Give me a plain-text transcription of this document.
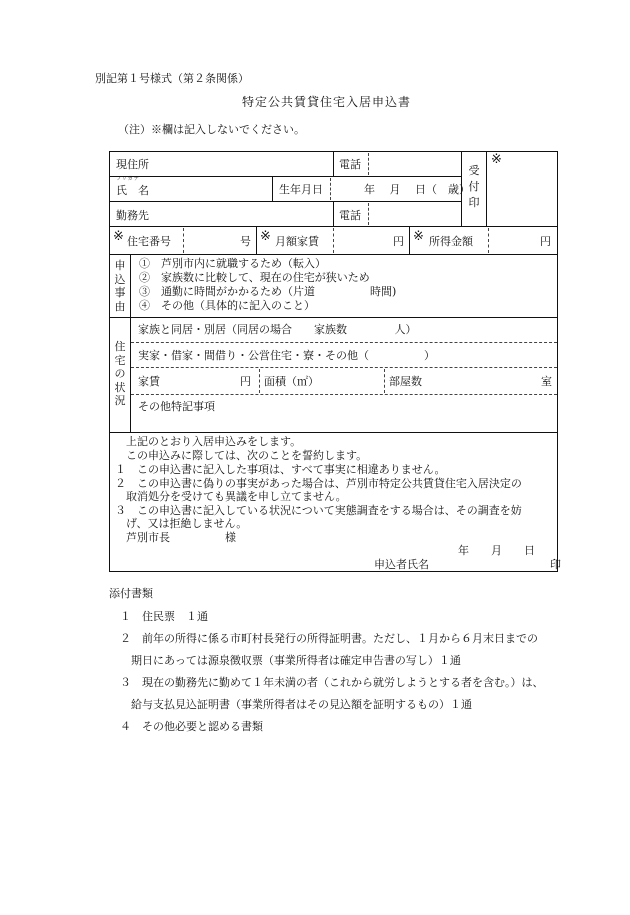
別記第１号様式（第２条関係）
特定公共賃貸住宅入居申込書
（注）※欄は記入しないでください。
現住所	電話
フリガナ
氏　名	生年月日	年　 月 　日（　歳）
勤務先	電話
受付印
※
※ 住宅番号	号 ※ 月額家賃	円 ※ 所得金額	円
申込事由
①　芦別市内に就職するため（転入）
②　家族数に比較して、現在の住宅が狭いため
③　通勤に時間がかかるため（片道　　　　　時間)
④　その他（具体的に記入のこと）
住宅の状況
家族と同居・別居（同居の場合　　家族数　　　　 人）
実家・借家・間借り・公営住宅・寮・その他（　　　　　）
家賃	円 面積（㎡）	部屋数	室
その他特記事項
　上記のとおり入居申込みをします。
　この申込みに際しては、次のことを誓約します。
１　この申込書に記入した事項は、すべて事実に相違ありません。
２　この申込書に偽りの事実があった場合は、芦別市特定公共賃貸住宅入居決定の
　取消処分を受けても異議を申し立てません。
３　この申込書に記入している状況について実態調査をする場合は、その調査を妨
　げ、又は拒絶しません。
　芦別市長　　　　　様
年　　月　　日
申込者氏名　　　　　　　　　　　印
添付書類
１　住民票　１通
２　前年の所得に係る市町村長発行の所得証明書。ただし、１月から６月末日までの
　期日にあっては源泉徴収票（事業所得者は確定申告書の写し）１通
３　現在の勤務先に勤めて１年未満の者（これから就労しようとする者を含む。）は、
　給与支払見込証明書（事業所得者はその見込額を証明するもの）１通
４　その他必要と認める書類
